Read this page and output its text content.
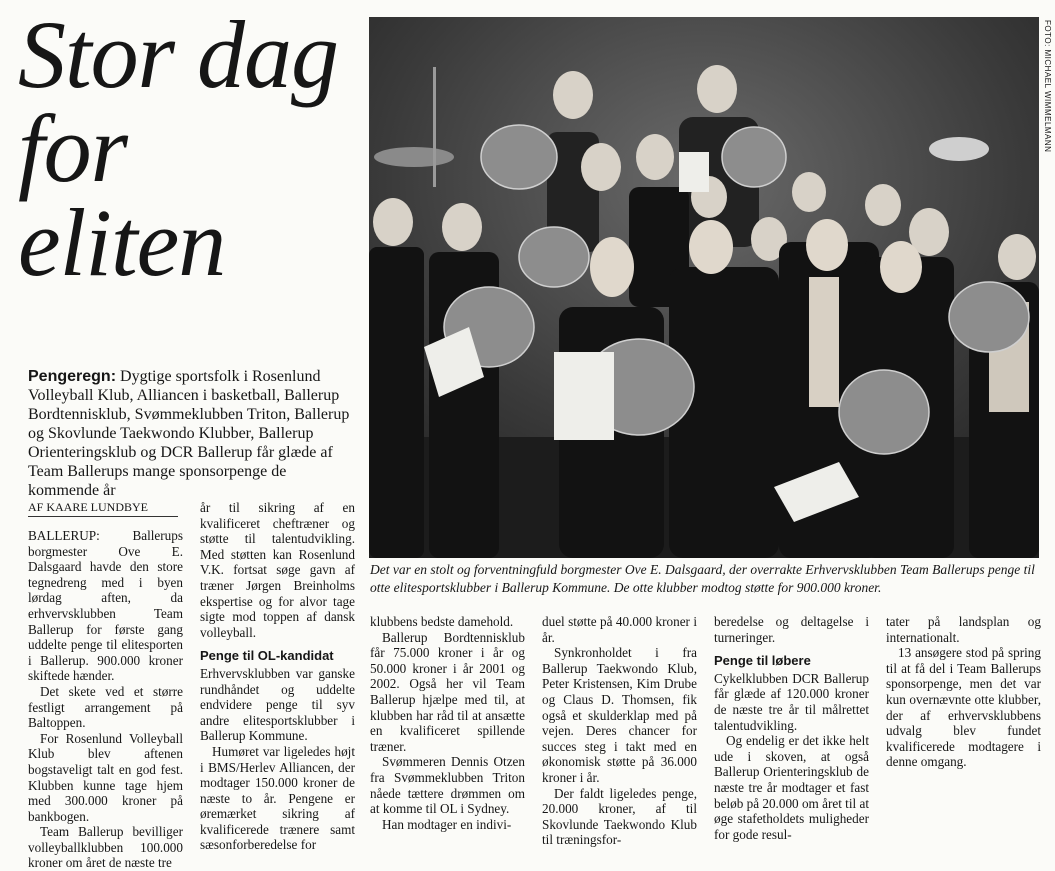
Stor dag
for
eliten
FOTO: MICHAEL WIMMELMANN
Det var en stolt og forventningfuld borgmester Ove E. Dalsgaard, der overrakte Erhvervsklubben Team Ballerups penge til otte elitesportsklubber i Ballerup Kommune. De otte klubber modtog støtte for 900.000 kroner.
Pengeregn: Dygtige sportsfolk i Rosenlund Volleyball Klub, Alliancen i basketball, Ballerup Bordtennisklub, Svømmeklubben Triton, Ballerup og Skovlunde Taekwondo Klubber, Ballerup Orienteringsklub og DCR Ballerup får glæde af Team Ballerups mange sponsorpenge de kommende år
AF KAARE LUNDBYE

BALLERUP: Ballerups borgmester Ove E. Dalsgaard havde den store tegnedreng med i byen lørdag aften, da erhvervsklubben Team Ballerup for første gang uddelte penge til elitesporten i Ballerup. 900.000 kroner skiftede hænder.

Det skete ved et større festligt arrangement på Baltoppen.

For Rosenlund Volleyball Klub blev aftenen bogstaveligt talt en god fest. Klubben kunne tage hjem med 300.000 kroner på bankbogen.

Team Ballerup bevilliger volleyballklubben 100.000 kroner om året de næste tre

år til sikring af en kvalificeret cheftræner og støtte til talentudvikling. Med støtten kan Rosenlund V.K. fortsat søge gavn af træner Jørgen Breinholms ekspertise og for alvor tage sigte mod toppen af dansk volleyball.

Penge til OL-kandidat

Erhvervsklubben var ganske rundhåndet og uddelte endvidere penge til syv andre elitesportsklubber i Ballerup Kommune.

Humøret var ligeledes højt i BMS/Herlev Alliancen, der modtager 150.000 kroner de næste to år. Pengene er øremærket sikring af kvalificerede trænere samt sæsonforberedelse for

klubbens bedste damehold.

Ballerup Bordtennisklub får 75.000 kroner i år og 50.000 kroner i år 2001 og 2002. Også her vil Team Ballerup hjælpe med til, at klubben har råd til at ansætte en kvalificeret spillende træner.

Svømmeren Dennis Otzen fra Svømmeklubben Triton nåede tættere drømmen om at komme til OL i Sydney.

Han modtager en indivi-

duel støtte på 40.000 kroner i år.

Synkronholdet i fra Ballerup Taekwondo Klub, Peter Kristensen, Kim Drube og Claus D. Thomsen, fik også et skulderklap med på vejen. Deres chancer for succes steg i takt med en økonomisk støtte på 36.000 kroner i år.

Der faldt ligeledes penge, 20.000 kroner, af til Skovlunde Taekwondo Klub til træningsfor-

beredelse og deltagelse i turneringer.

Penge til løbere

Cykelklubben DCR Ballerup får glæde af 120.000 kroner de næste tre år til målrettet talentudvikling.

Og endelig er det ikke helt ude i skoven, at også Ballerup Orienteringsklub de næste tre år modtager et fast beløb på 20.000 om året til at øge stafetholdets muligheder for gode resul-

tater på landsplan og internationalt.

13 ansøgere stod på spring til at få del i Team Ballerups sponsorpenge, men det var kun overnævnte otte klubber, der af erhvervsklubbens udvalg blev fundet kvalificerede modtagere i denne omgang.
